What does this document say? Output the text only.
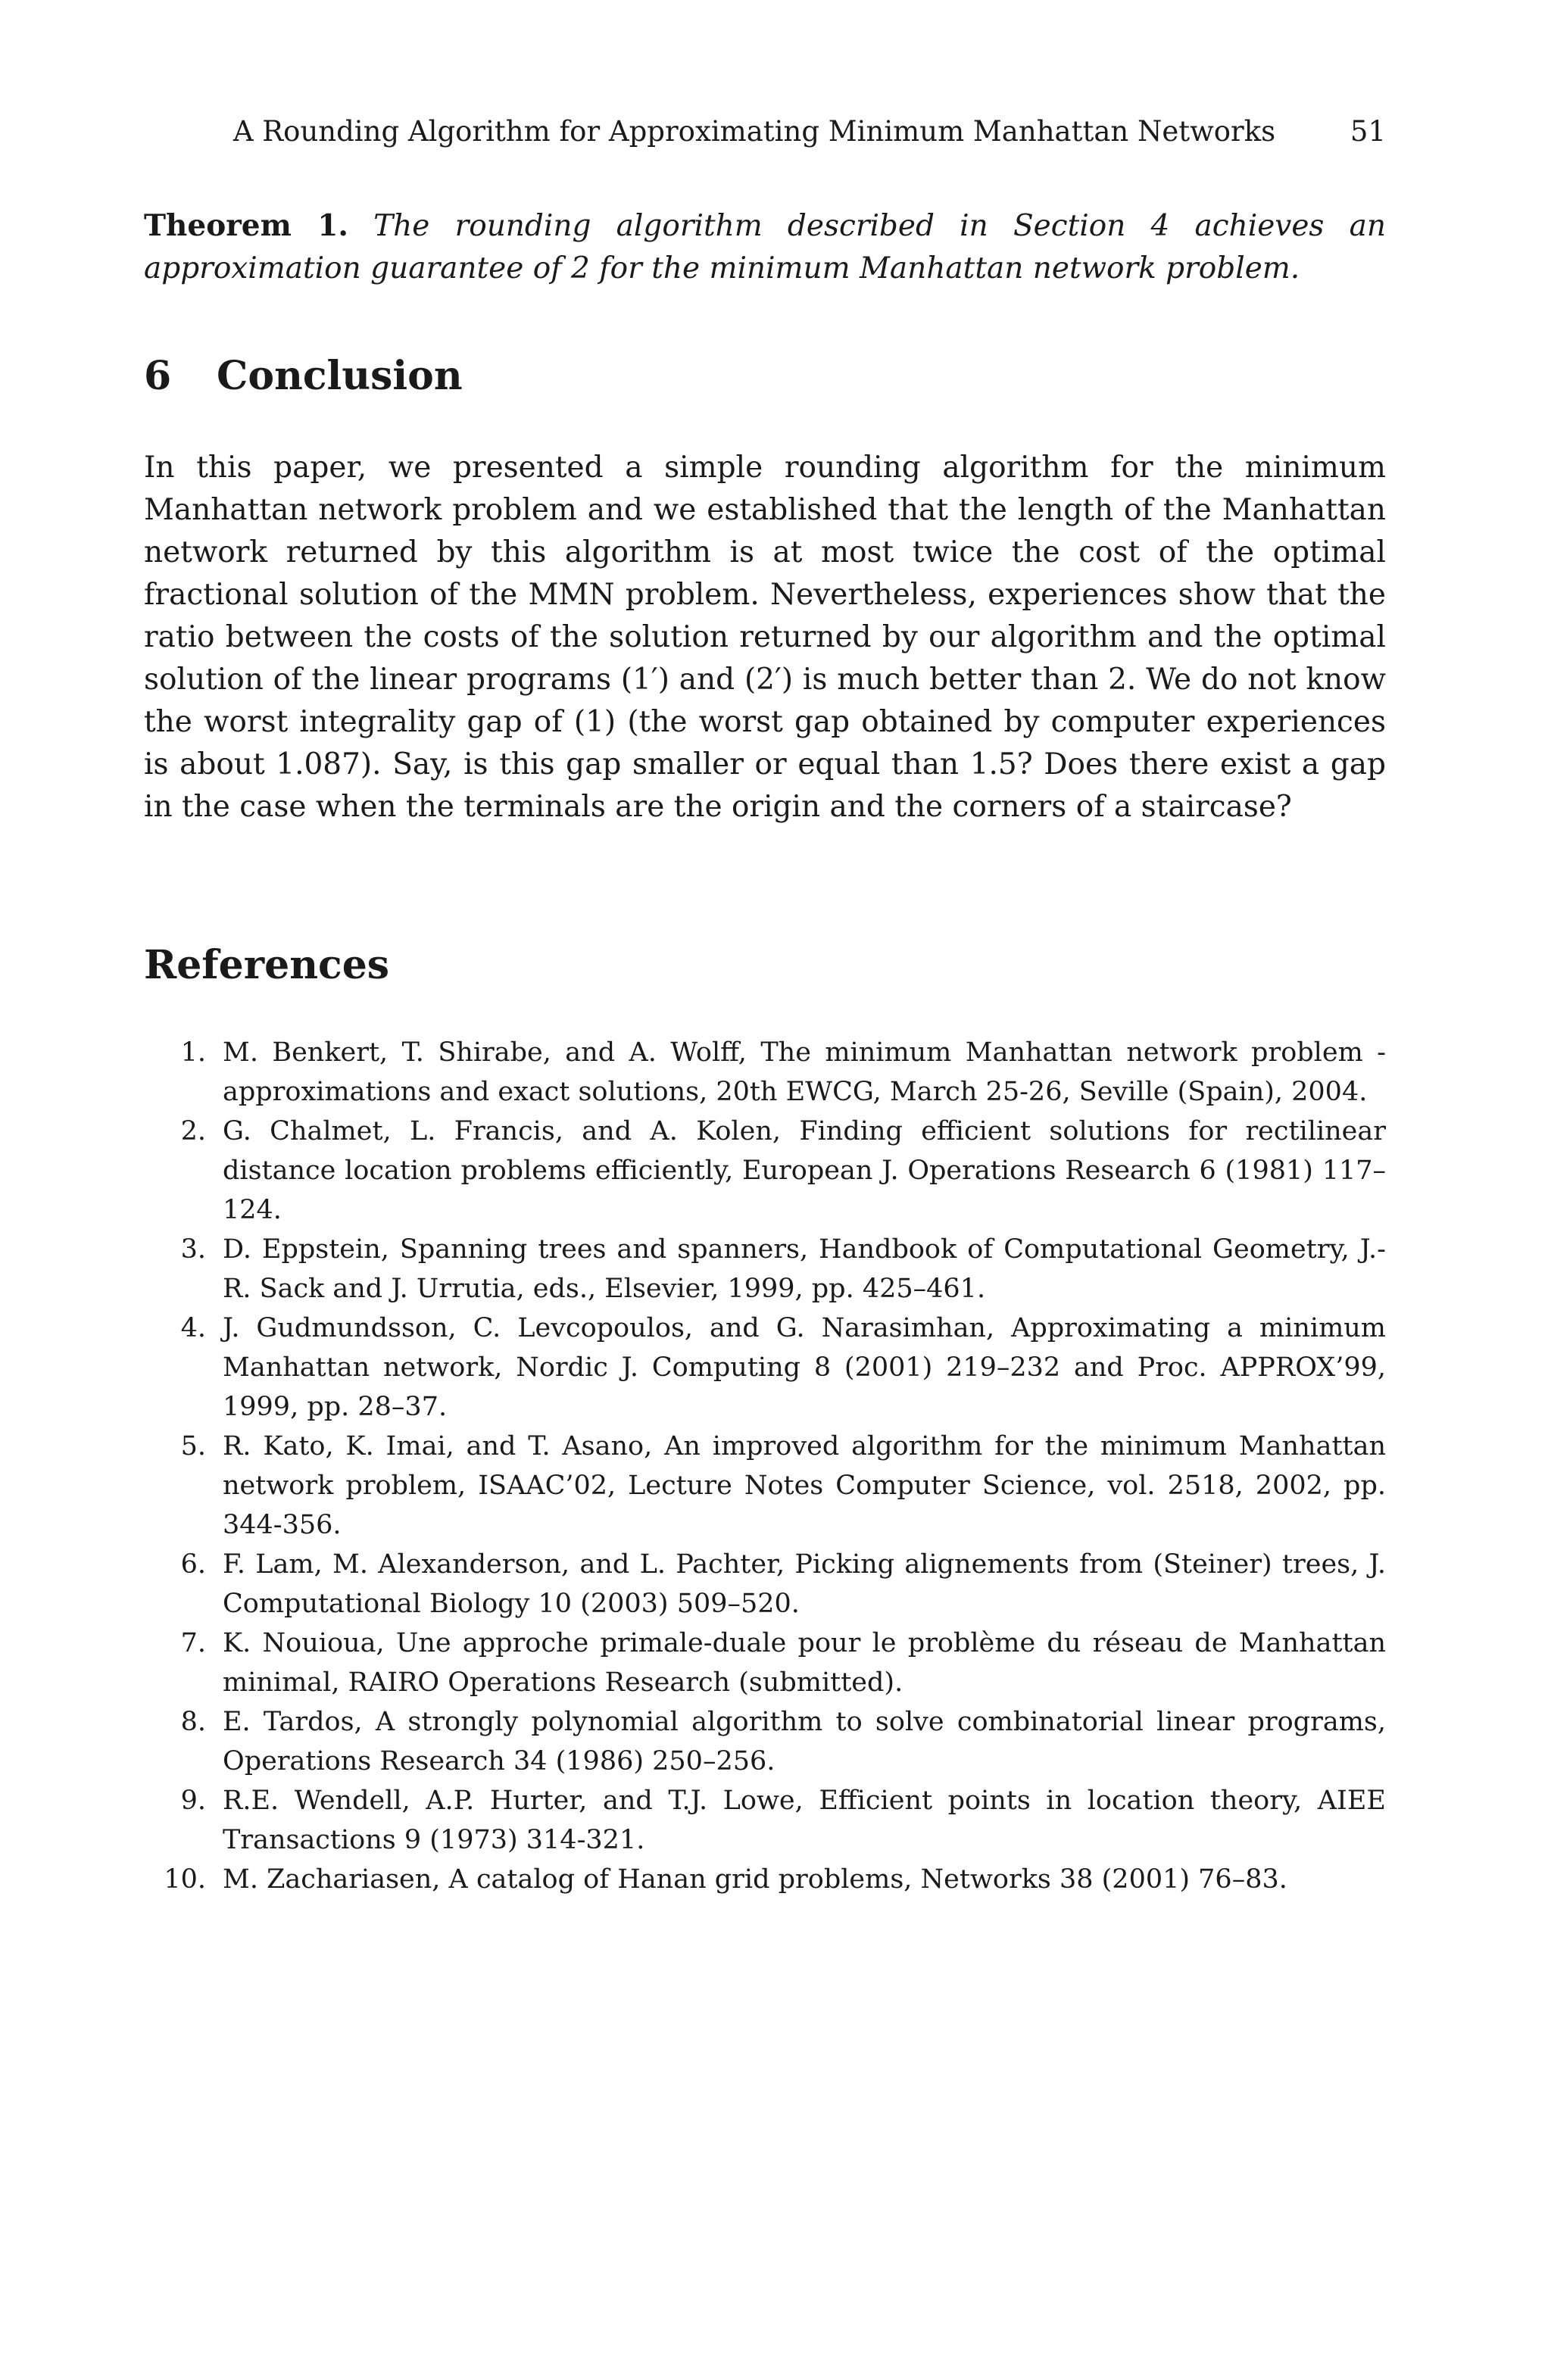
A Rounding Algorithm for Approximating Minimum Manhattan Networks	51

Theorem 1. The rounding algorithm described in Section 4 achieves an approximation guarantee of 2 for the minimum Manhattan network problem.

6	Conclusion

In this paper, we presented a simple rounding algorithm for the minimum Manhattan network problem and we established that the length of the Manhattan network returned by this algorithm is at most twice the cost of the optimal fractional solution of the MMN problem. Nevertheless, experiences show that the ratio between the costs of the solution returned by our algorithm and the optimal solution of the linear programs (1′) and (2′) is much better than 2. We do not know the worst integrality gap of (1) (the worst gap obtained by computer experiences is about 1.087). Say, is this gap smaller or equal than 1.5? Does there exist a gap in the case when the terminals are the origin and the corners of a staircase?

References
1. M. Benkert, T. Shirabe, and A. Wolff, The minimum Manhattan network problem - approximations and exact solutions, 20th EWCG, March 25-26, Seville (Spain), 2004.
2. G. Chalmet, L. Francis, and A. Kolen, Finding efficient solutions for rectilinear distance location problems efficiently, European J. Operations Research 6 (1981) 117–124.
3. D. Eppstein, Spanning trees and spanners, Handbook of Computational Geometry, J.-R. Sack and J. Urrutia, eds., Elsevier, 1999, pp. 425–461.
4. J. Gudmundsson, C. Levcopoulos, and G. Narasimhan, Approximating a minimum Manhattan network, Nordic J. Computing 8 (2001) 219–232 and Proc. APPROX’99, 1999, pp. 28–37.
5. R. Kato, K. Imai, and T. Asano, An improved algorithm for the minimum Manhattan network problem, ISAAC’02, Lecture Notes Computer Science, vol. 2518, 2002, pp. 344-356.
6. F. Lam, M. Alexanderson, and L. Pachter, Picking alignements from (Steiner) trees, J. Computational Biology 10 (2003) 509–520.
7. K. Nouioua, Une approche primale-duale pour le problème du réseau de Manhattan minimal, RAIRO Operations Research (submitted).
8. E. Tardos, A strongly polynomial algorithm to solve combinatorial linear programs, Operations Research 34 (1986) 250–256.
9. R.E. Wendell, A.P. Hurter, and T.J. Lowe, Efficient points in location theory, AIEE Transactions 9 (1973) 314-321.
10. M. Zachariasen, A catalog of Hanan grid problems, Networks 38 (2001) 76–83.
